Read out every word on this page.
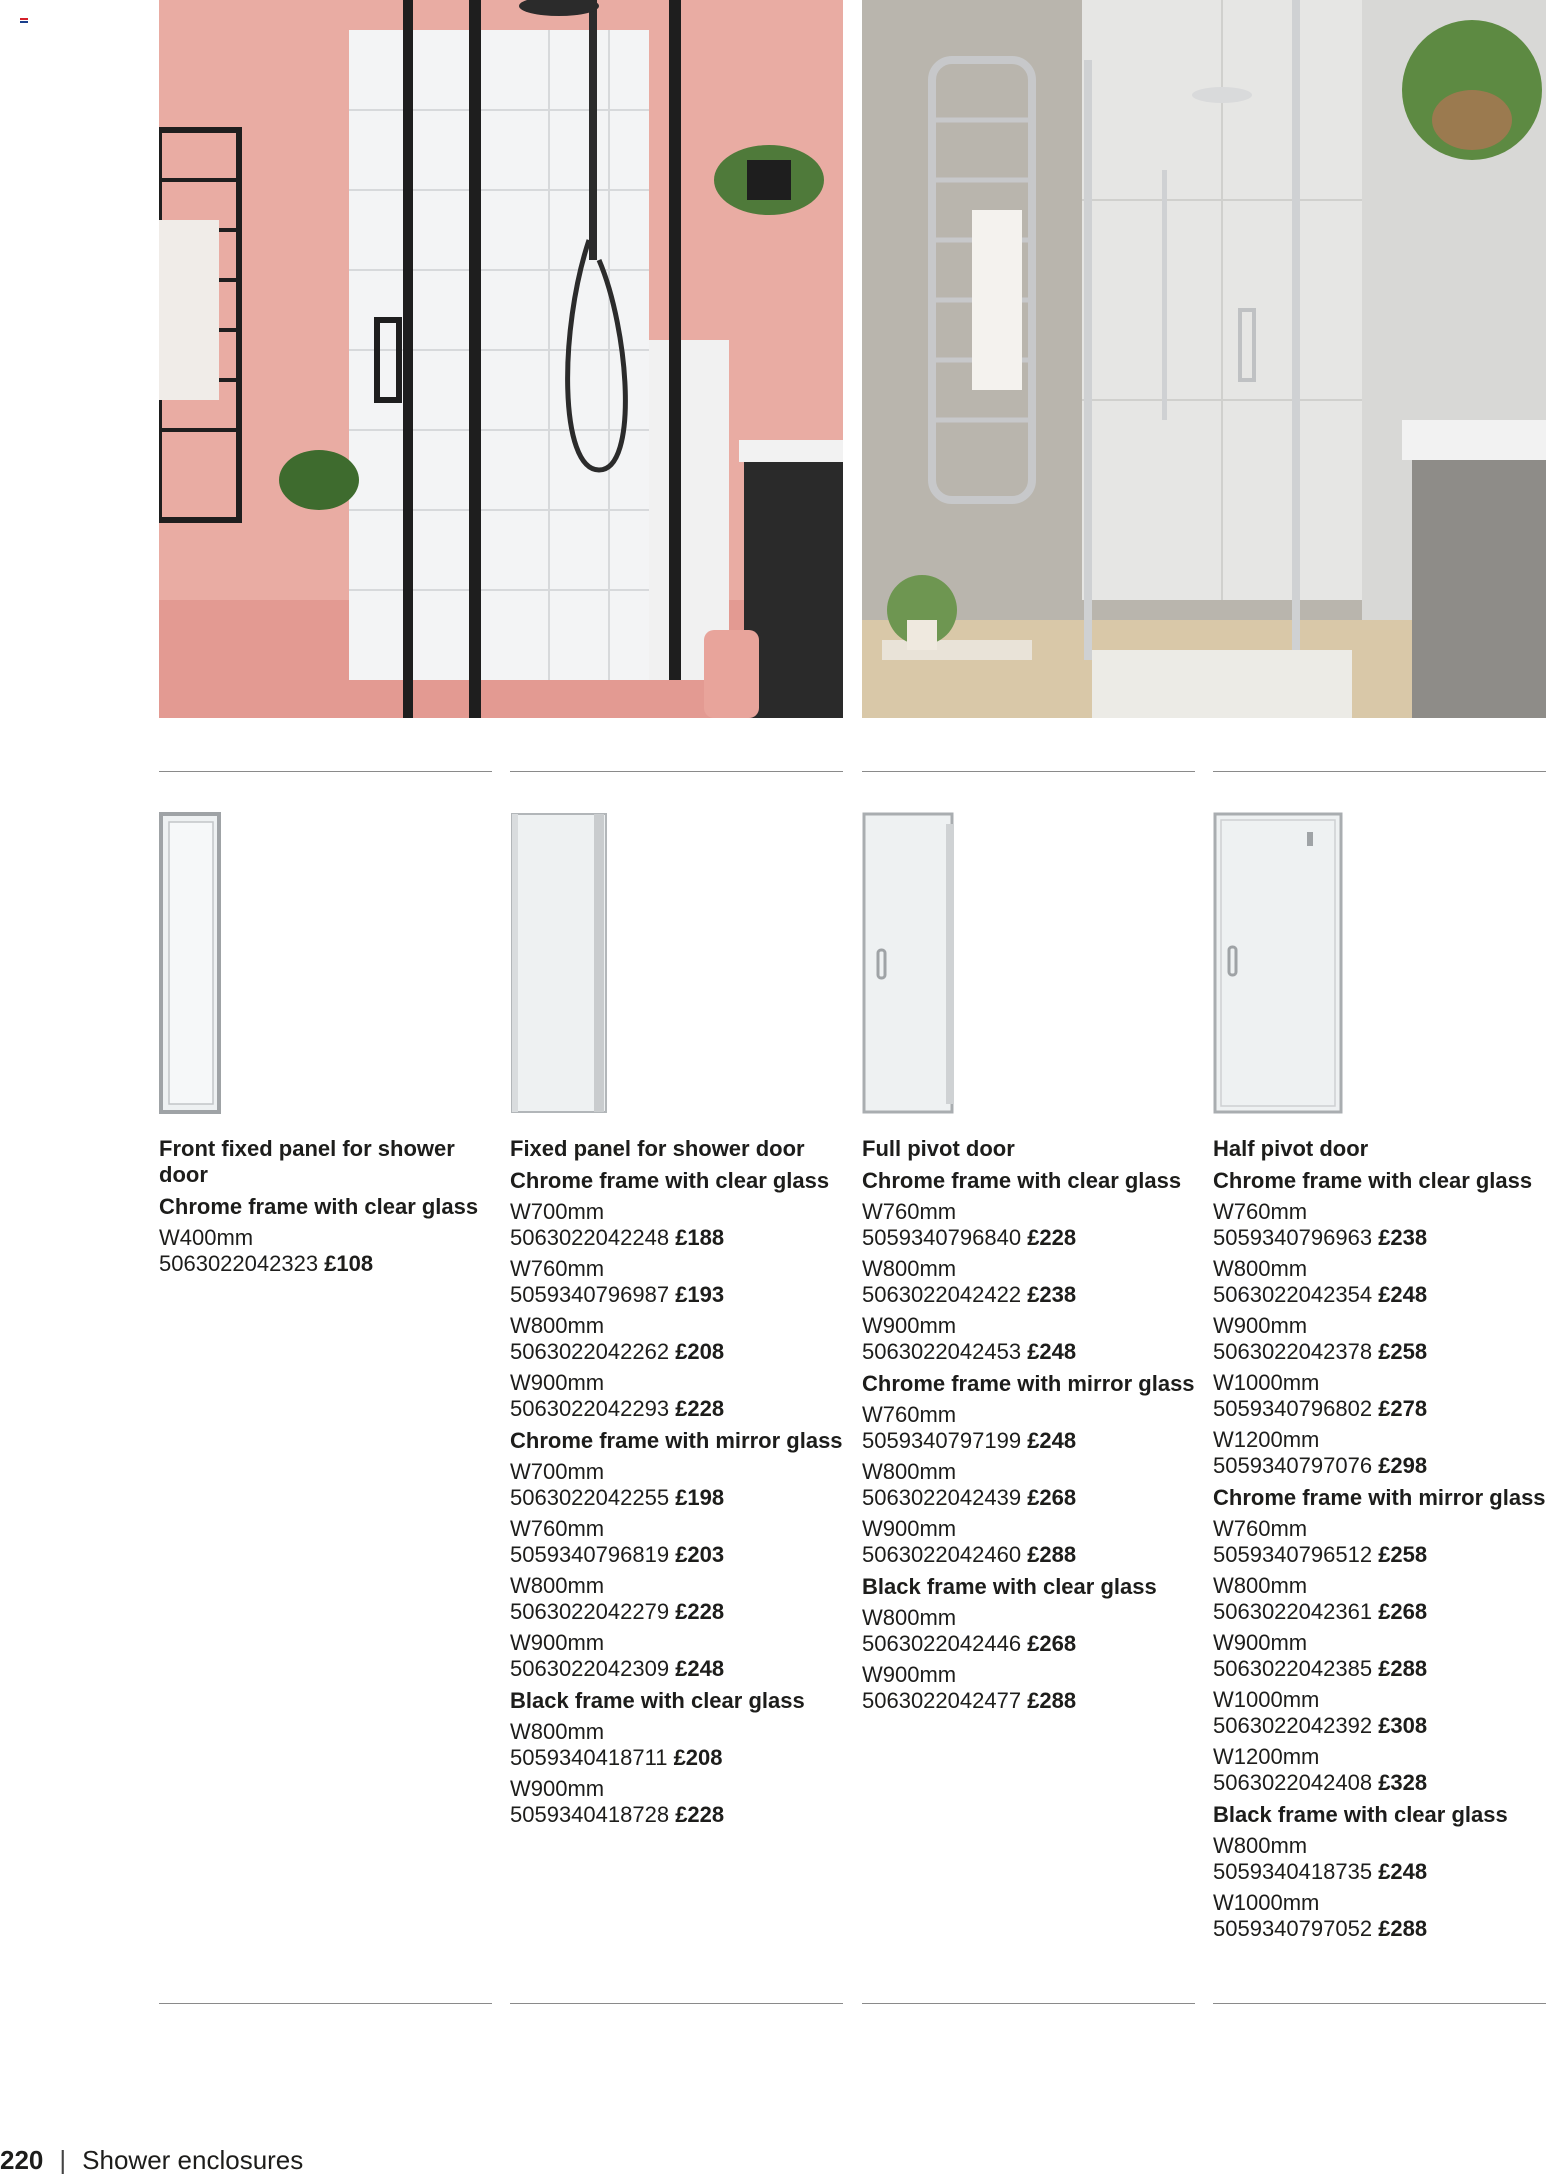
Front fixed panel for shower door
Chrome frame with clear glass
W400mm
5063022042323 £108
Fixed panel for shower door
Chrome frame with clear glass
W700mm
5063022042248 £188
W760mm
5059340796987 £193
W800mm
5063022042262 £208
W900mm
5063022042293 £228
Chrome frame with mirror glass
W700mm
5063022042255 £198
W760mm
5059340796819 £203
W800mm
5063022042279 £228
W900mm
5063022042309 £248
Black frame with clear glass
W800mm
5059340418711 £208
W900mm
5059340418728 £228
Full pivot door
Chrome frame with clear glass
W760mm
5059340796840 £228
W800mm
5063022042422 £238
W900mm
5063022042453 £248
Chrome frame with mirror glass
W760mm
5059340797199 £248
W800mm
5063022042439 £268
W900mm
5063022042460 £288
Black frame with clear glass
W800mm
5063022042446 £268
W900mm
5063022042477 £288
Half pivot door
Chrome frame with clear glass
W760mm
5059340796963 £238
W800mm
5063022042354 £248
W900mm
5063022042378 £258
W1000mm
5059340796802 £278
W1200mm
5059340797076 £298
Chrome frame with mirror glass
W760mm
5059340796512 £258
W800mm
5063022042361 £268
W900mm
5063022042385 £288
W1000mm
5063022042392 £308
W1200mm
5063022042408 £328
Black frame with clear glass
W800mm
5059340418735 £248
W1000mm
5059340797052 £288
220 | Shower enclosures
